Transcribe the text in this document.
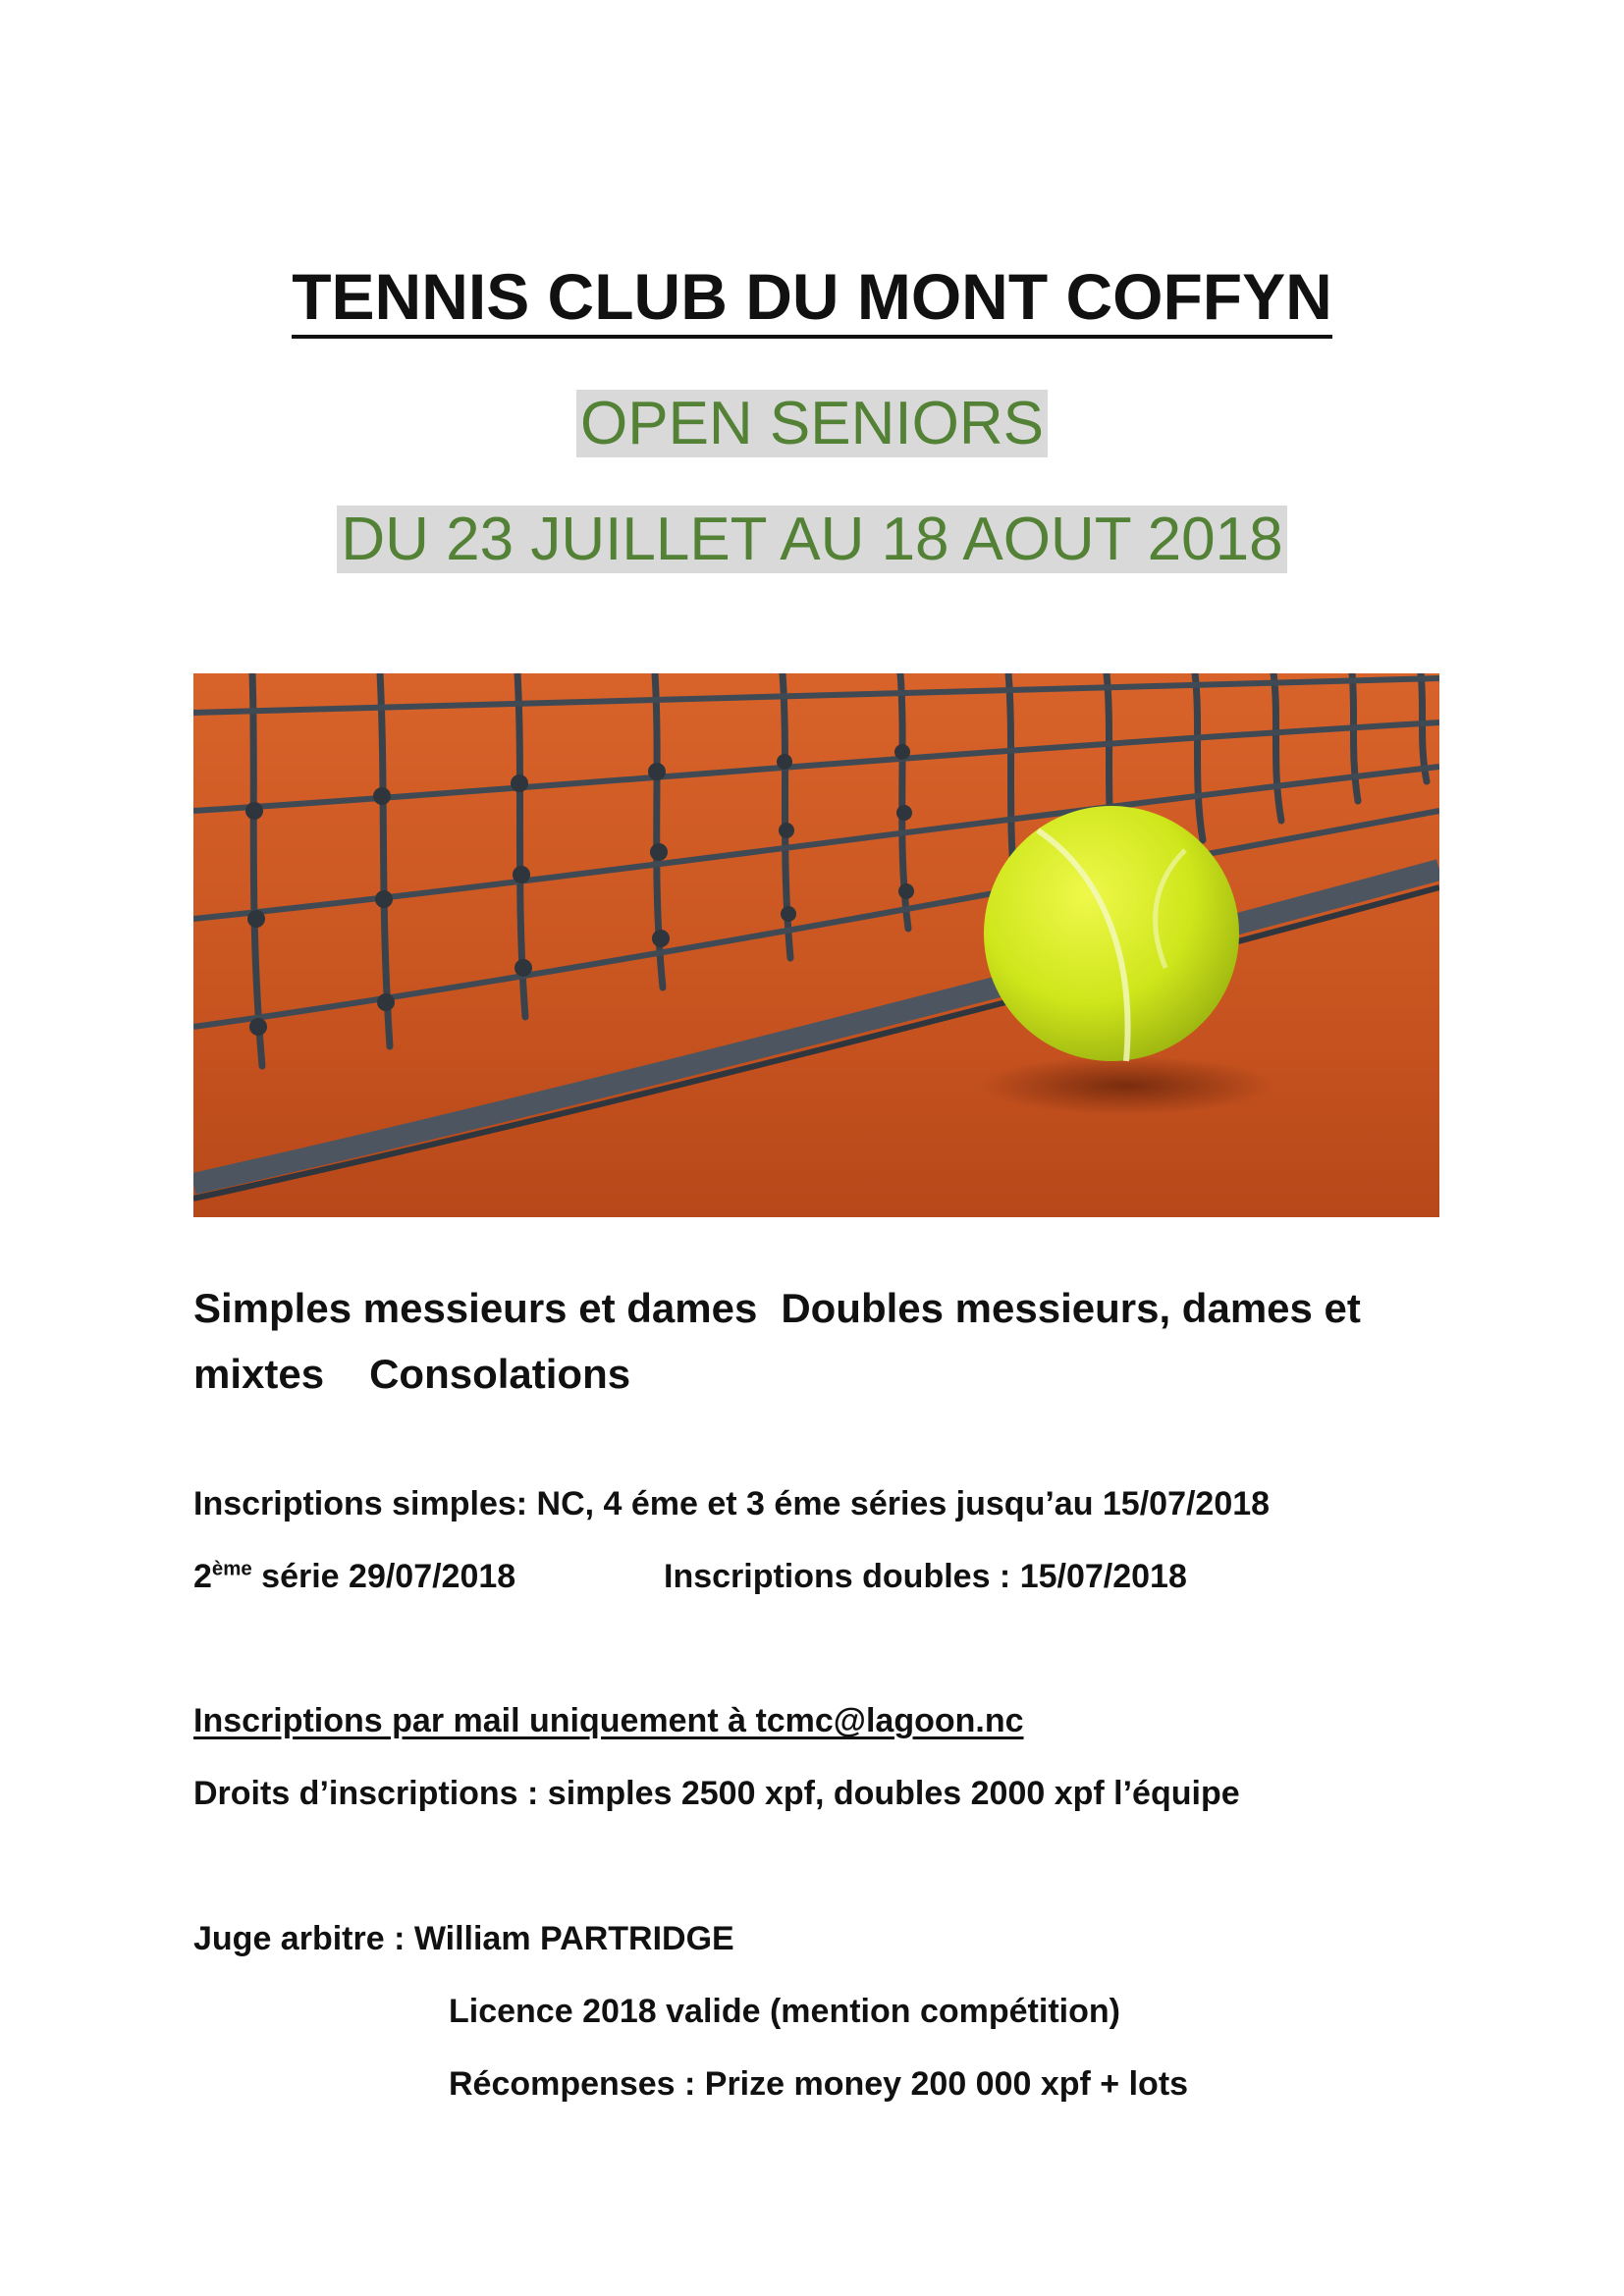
TENNIS CLUB DU MONT COFFYN
OPEN SENIORS
DU 23 JUILLET AU 18 AOUT 2018
Simples messieurs et dames Doubles messieurs, dames et
mixtes Consolations
Inscriptions simples: NC, 4 éme et 3 éme séries jusqu’au 15/07/2018
2ème série 29/07/2018	Inscriptions doubles : 15/07/2018
Inscriptions par mail uniquement à tcmc@lagoon.nc
Droits d’inscriptions : simples 2500 xpf, doubles 2000 xpf l’équipe
Juge arbitre : William PARTRIDGE
Licence 2018 valide (mention compétition)
Récompenses : Prize money 200 000 xpf + lots
